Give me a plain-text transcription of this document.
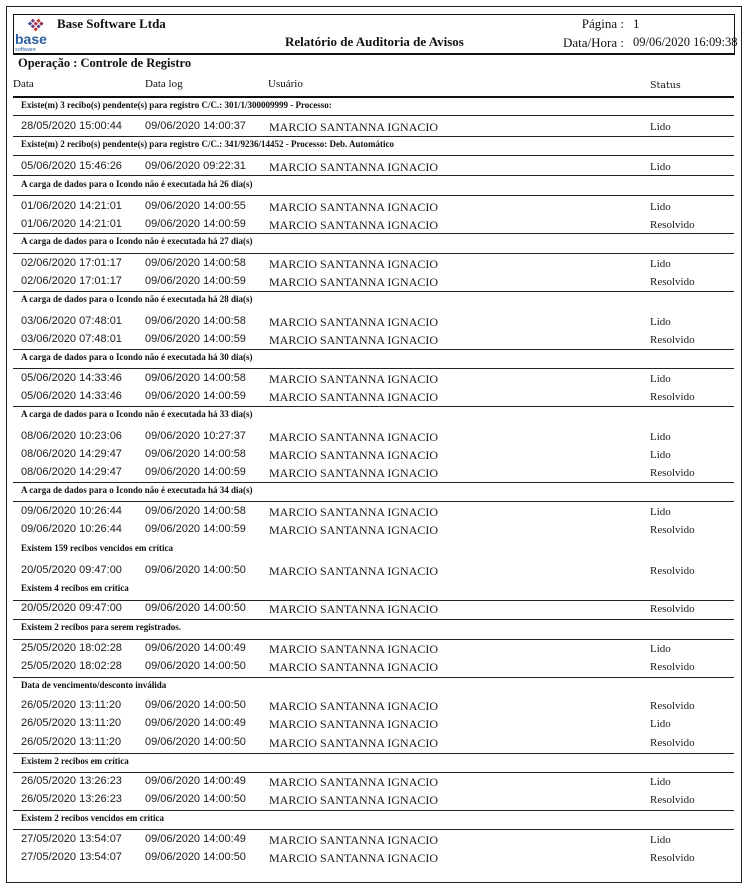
base
software
Base Software Ltda
Relatório de Auditoria de Avisos
Página : 1
Data/Hora : 09/06/2020 16:09:38
Operação : Controle de Registro
Data	Data log	Usuário	Status
Existe(m) 3 recibo(s) pendente(s) para registro C/C.: 301/1/300009999 - Processo:
28/05/2020 15:00:44 09/06/2020 14:00:37 MARCIO SANTANNA IGNACIO	Lido
Existe(m) 2 recibo(s) pendente(s) para registro C/C.: 341/9236/14452 - Processo: Deb. Automático
05/06/2020 15:46:26 09/06/2020 09:22:31 MARCIO SANTANNA IGNACIO	Lido
A carga de dados para o Icondo não é executada há 26 dia(s)
01/06/2020 14:21:01 09/06/2020 14:00:55 MARCIO SANTANNA IGNACIO	Lido
01/06/2020 14:21:01 09/06/2020 14:00:59 MARCIO SANTANNA IGNACIO	Resolvido
A carga de dados para o Icondo não é executada há 27 dia(s)
02/06/2020 17:01:17 09/06/2020 14:00:58 MARCIO SANTANNA IGNACIO	Lido
02/06/2020 17:01:17 09/06/2020 14:00:59 MARCIO SANTANNA IGNACIO	Resolvido
A carga de dados para o Icondo não é executada há 28 dia(s)
03/06/2020 07:48:01 09/06/2020 14:00:58 MARCIO SANTANNA IGNACIO	Lido
03/06/2020 07:48:01 09/06/2020 14:00:59 MARCIO SANTANNA IGNACIO	Resolvido
A carga de dados para o Icondo não é executada há 30 dia(s)
05/06/2020 14:33:46 09/06/2020 14:00:58 MARCIO SANTANNA IGNACIO	Lido
05/06/2020 14:33:46 09/06/2020 14:00:59 MARCIO SANTANNA IGNACIO	Resolvido
A carga de dados para o Icondo não é executada há 33 dia(s)
08/06/2020 10:23:06 09/06/2020 10:27:37 MARCIO SANTANNA IGNACIO	Lido
08/06/2020 14:29:47 09/06/2020 14:00:58 MARCIO SANTANNA IGNACIO	Lido
08/06/2020 14:29:47 09/06/2020 14:00:59 MARCIO SANTANNA IGNACIO	Resolvido
A carga de dados para o Icondo não é executada há 34 dia(s)
09/06/2020 10:26:44 09/06/2020 14:00:58 MARCIO SANTANNA IGNACIO	Lido
09/06/2020 10:26:44 09/06/2020 14:00:59 MARCIO SANTANNA IGNACIO	Resolvido
Existem 159 recibos vencidos em crítica
20/05/2020 09:47:00 09/06/2020 14:00:50 MARCIO SANTANNA IGNACIO	Resolvido
Existem 4 recibos em crítica
20/05/2020 09:47:00 09/06/2020 14:00:50 MARCIO SANTANNA IGNACIO	Resolvido
Existem 2 recibos para serem registrados.
25/05/2020 18:02:28 09/06/2020 14:00:49 MARCIO SANTANNA IGNACIO	Lido
25/05/2020 18:02:28 09/06/2020 14:00:50 MARCIO SANTANNA IGNACIO	Resolvido
Data de vencimento/desconto inválida
26/05/2020 13:11:20 09/06/2020 14:00:50 MARCIO SANTANNA IGNACIO	Resolvido
26/05/2020 13:11:20 09/06/2020 14:00:49 MARCIO SANTANNA IGNACIO	Lido
26/05/2020 13:11:20 09/06/2020 14:00:50 MARCIO SANTANNA IGNACIO	Resolvido
Existem 2 recibos em crítica
26/05/2020 13:26:23 09/06/2020 14:00:49 MARCIO SANTANNA IGNACIO	Lido
26/05/2020 13:26:23 09/06/2020 14:00:50 MARCIO SANTANNA IGNACIO	Resolvido
Existem 2 recibos vencidos em crítica
27/05/2020 13:54:07 09/06/2020 14:00:49 MARCIO SANTANNA IGNACIO	Lido
27/05/2020 13:54:07 09/06/2020 14:00:50 MARCIO SANTANNA IGNACIO	Resolvido
